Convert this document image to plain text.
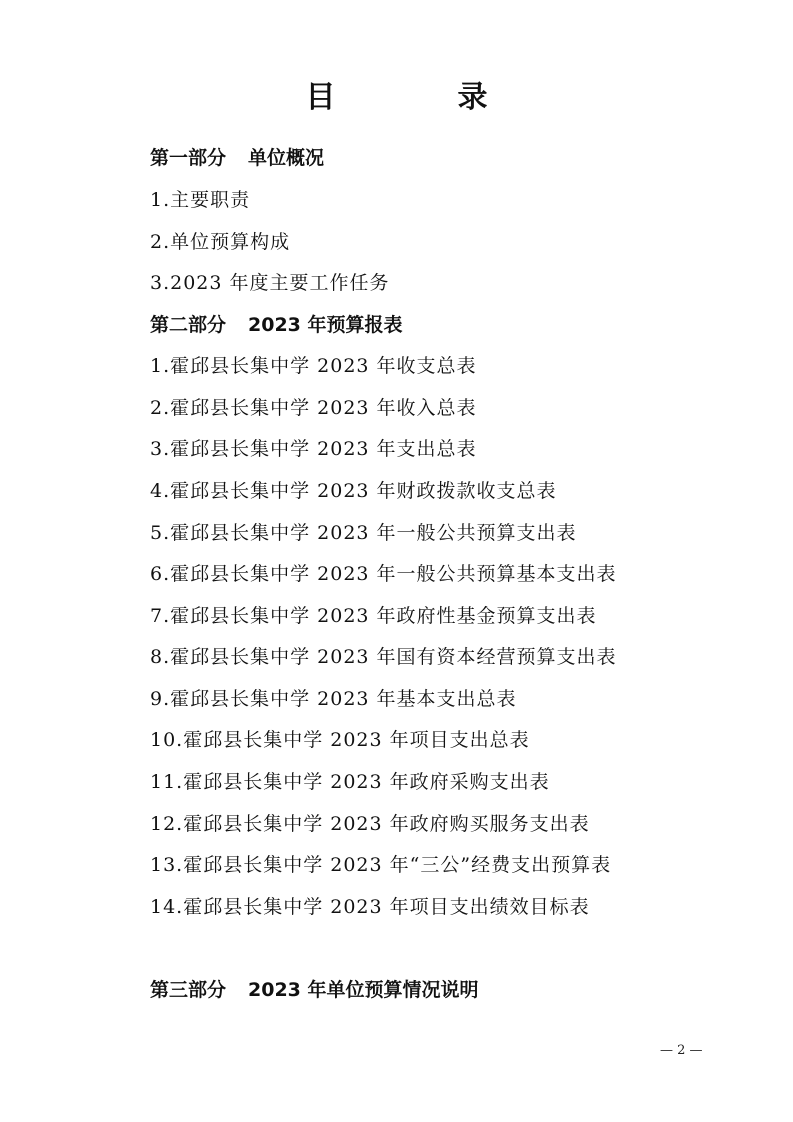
目　录
第一部分 单位概况
1.主要职责
2.单位预算构成
3.2023 年度主要工作任务
第二部分 2023 年预算报表
1.霍邱县长集中学 2023 年收支总表
2.霍邱县长集中学 2023 年收入总表
3.霍邱县长集中学 2023 年支出总表
4.霍邱县长集中学 2023 年财政拨款收支总表
5.霍邱县长集中学 2023 年一般公共预算支出表
6.霍邱县长集中学 2023 年一般公共预算基本支出表
7.霍邱县长集中学 2023 年政府性基金预算支出表
8.霍邱县长集中学 2023 年国有资本经营预算支出表
9.霍邱县长集中学 2023 年基本支出总表
10.霍邱县长集中学 2023 年项目支出总表
11.霍邱县长集中学 2023 年政府采购支出表
12.霍邱县长集中学 2023 年政府购买服务支出表
13.霍邱县长集中学 2023 年“三公”经费支出预算表
14.霍邱县长集中学 2023 年项目支出绩效目标表
第三部分 2023 年单位预算情况说明
— 2 —
